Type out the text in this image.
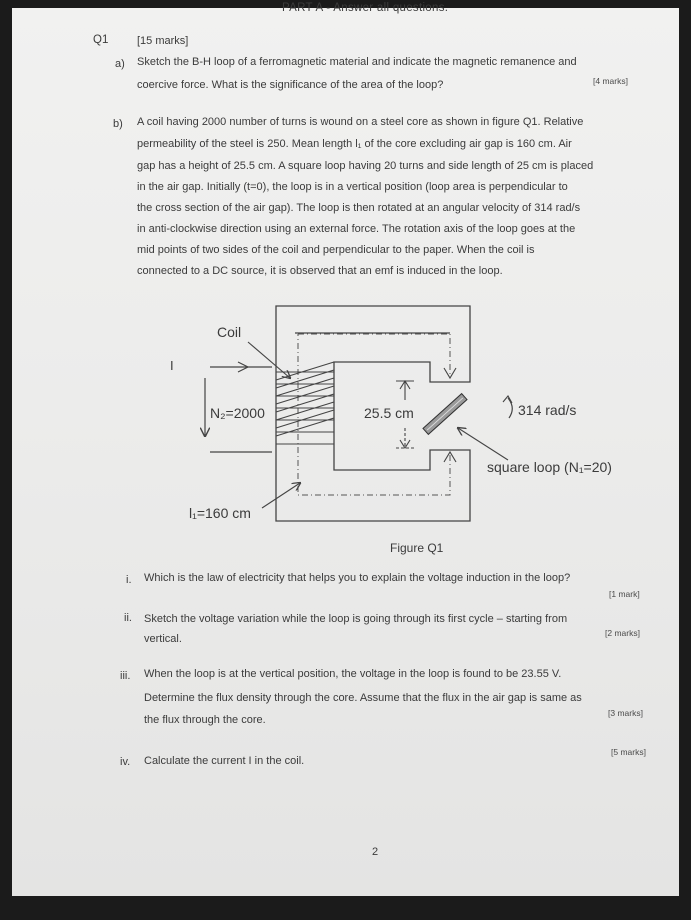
PART A - Answer all questions.
Q1	[15 marks]
a) Sketch the B-H loop of a ferromagnetic material and indicate the magnetic remanence and
coercive force. What is the significance of the area of the loop?	[4 marks]
b) A coil having 2000 number of turns is wound on a steel core as shown in figure Q1. Relative
permeability of the steel is 250. Mean length l₁ of the core excluding air gap is 160 cm. Air
gap has a height of 25.5 cm. A square loop having 20 turns and side length of 25 cm is placed
in the air gap. Initially (t=0), the loop is in a vertical position (loop area is perpendicular to
the cross section of the air gap). The loop is then rotated at an angular velocity of 314 rad/s
in anti-clockwise direction using an external force. The rotation axis of the loop goes at the
mid points of two sides of the coil and perpendicular to the paper. When the coil is
connected to a DC source, it is observed that an emf is induced in the loop.
Coil
I
N₂=2000	25.5 cm	314 rad/s
square loop (N₁=20)
l₁=160 cm
Figure Q1
i. Which is the law of electricity that helps you to explain the voltage induction in the loop?
[1 mark]
ii. Sketch the voltage variation while the loop is going through its first cycle – starting from
vertical.	[2 marks]
iii. When the loop is at the vertical position, the voltage in the loop is found to be 23.55 V.
Determine the flux density through the core. Assume that the flux in the air gap is same as
the flux through the core.
[3 marks]
iv. Calculate the current I in the coil.
[5 marks]
2
